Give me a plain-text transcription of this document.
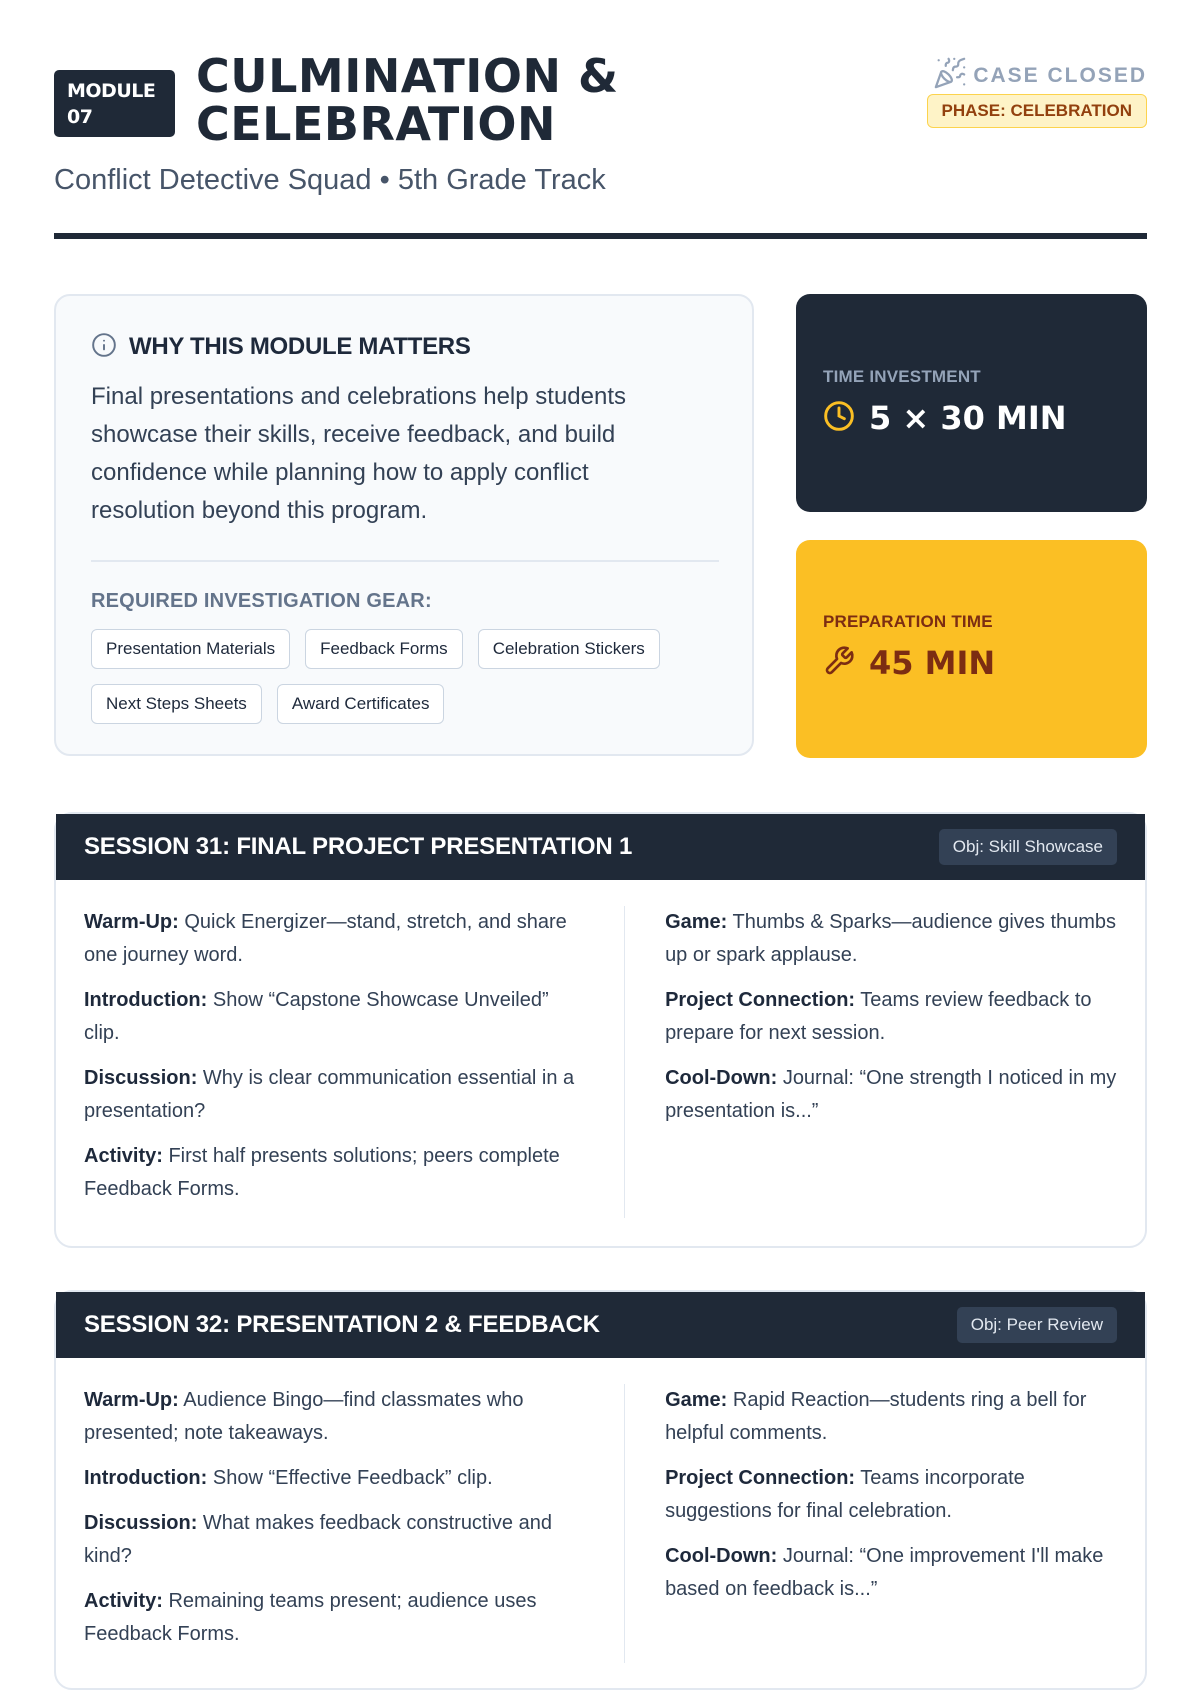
MODULE
07
CULMINATION &
CELEBRATION
Conflict Detective Squad • 5th Grade Track
CASE CLOSED
PHASE: CELEBRATION
WHY THIS MODULE MATTERS
Final presentations and celebrations help students showcase their skills, receive feedback, and build confidence while planning how to apply conflict resolution beyond this program.
REQUIRED INVESTIGATION GEAR:
Presentation Materials	Feedback Forms	Celebration Stickers
Next Steps Sheets	Award Certificates
TIME INVESTMENT
5 × 30 MIN
PREPARATION TIME
45 MIN
SESSION 31: FINAL PROJECT PRESENTATION 1	Obj: Skill Showcase

Warm-Up: Quick Energizer—stand, stretch, and share one journey word.

Introduction: Show “Capstone Showcase Unveiled” clip.

Discussion: Why is clear communication essential in a presentation?

Activity: First half presents solutions; peers complete Feedback Forms.

Game: Thumbs & Sparks—audience gives thumbs up or spark applause.

Project Connection: Teams review feedback to prepare for next session.

Cool-Down: Journal: “One strength I noticed in my presentation is...”

SESSION 32: PRESENTATION 2 & FEEDBACK	Obj: Peer Review

Warm-Up: Audience Bingo—find classmates who presented; note takeaways.

Introduction: Show “Effective Feedback” clip.

Discussion: What makes feedback constructive and kind?

Activity: Remaining teams present; audience uses Feedback Forms.

Game: Rapid Reaction—students ring a bell for helpful comments.

Project Connection: Teams incorporate suggestions for final celebration.

Cool-Down: Journal: “One improvement I'll make based on feedback is...”
